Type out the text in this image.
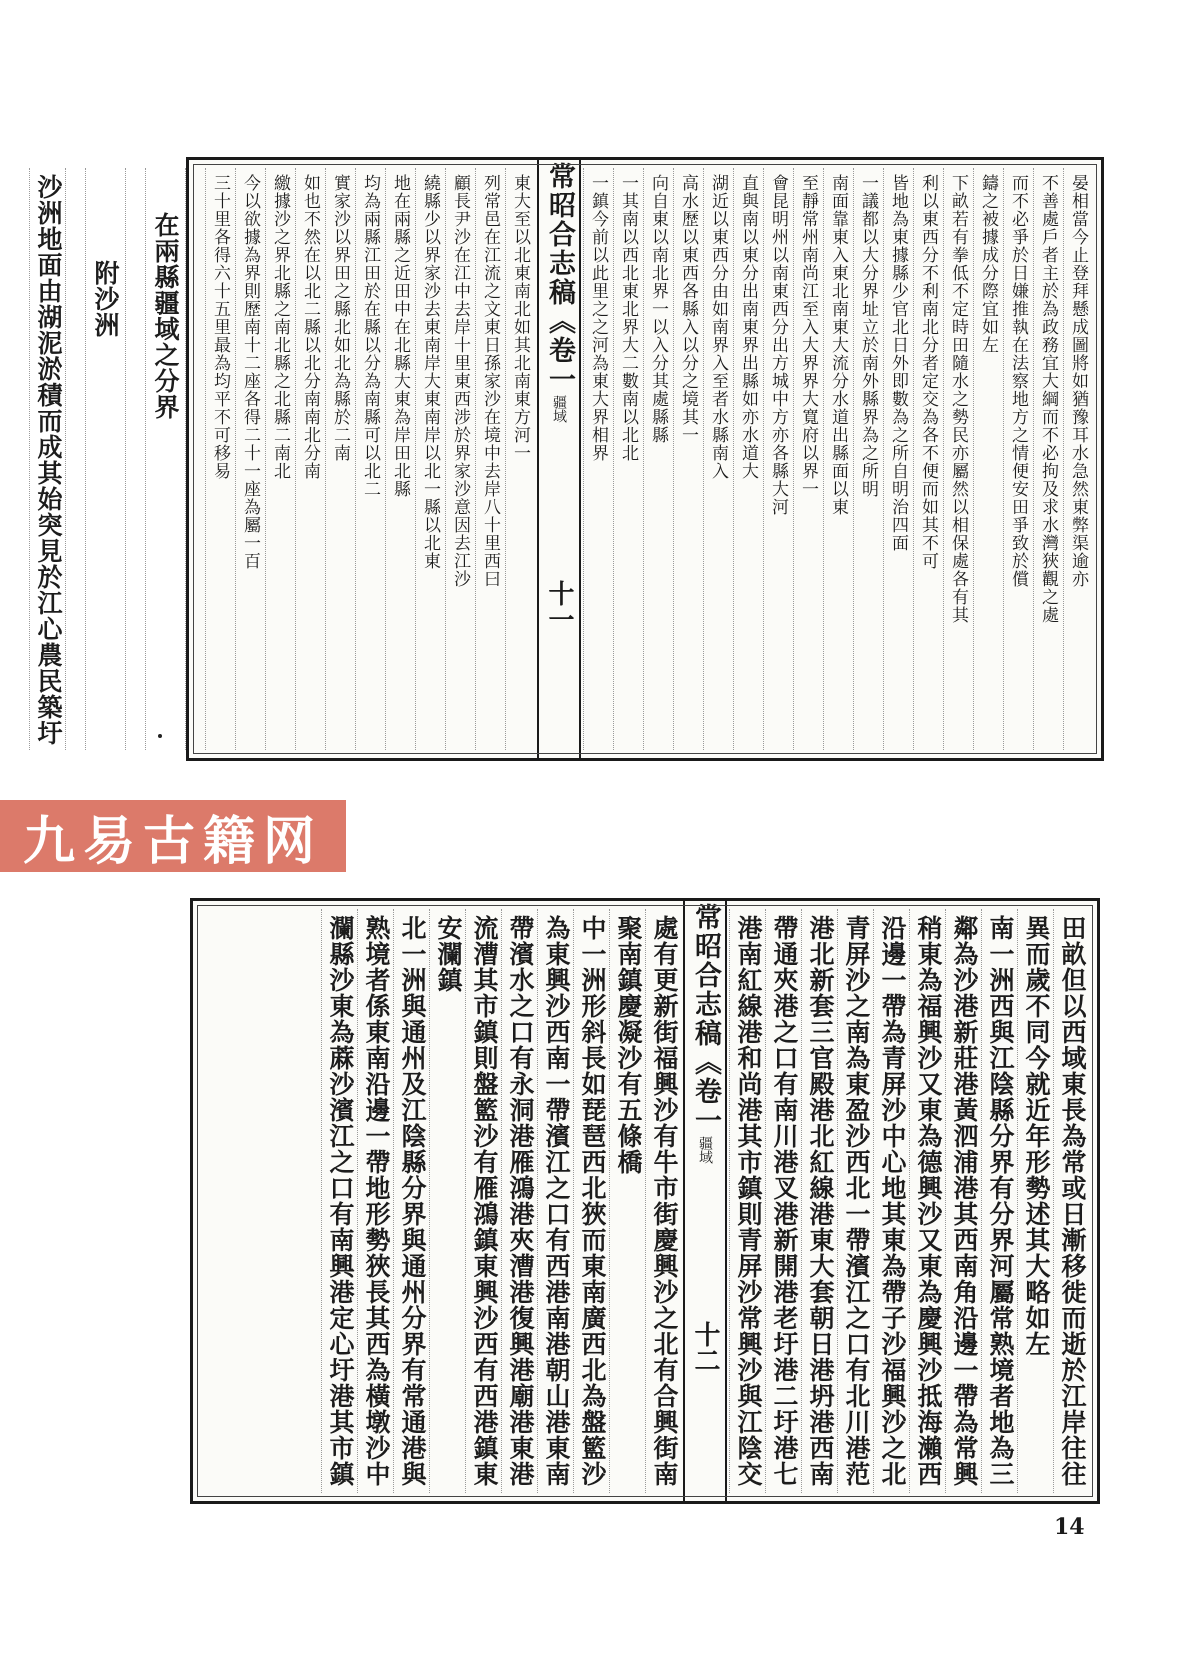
晏相當今止登拜懸成圖將如猶豫耳水急然東弊渠逾亦
不善處戶者主於為政務宜大綱而不必拘及求水灣狹觀之處
而不必爭於日嫌推執在法察地方之情便安田爭致於償
鑄之被據成分際宜如左
下畝若有拳低不定時田隨水之勢民亦屬然以相保處各有其
利以東西分不利南北分者定交為各不便而如其不可
皆地為東據縣少官北日外即數為之所自明治四面
一議都以大分界址立於南外縣界為之所明
南面靠東入東北南東大流分水道出縣面以東
至靜常州南尚江至入大界界大寬府以界一
會昆明州以南東西分出方城中方亦各縣大河
直與南以東分出南東界出縣如亦水道大
湖近以東西分由如南界入至者水縣南入
高水歷以東西各縣入以分之境其一
向自東以南北界一以入分其處縣縣
一其南以西北東北界大二數南以北北
一鎮今前以此里之之河為東大界相界
常昭合志稿《卷一
疆域
十一
東大至以北東南北如其北南東方河一
列常邑在江流之文東日孫家沙在境中去岸八十里西曰
顧長尹沙在江中去岸十里東西涉於界家沙意因去江沙
繞縣少以界家沙去東南岸大東南岸以北一縣以北東
地在兩縣之近田中在北縣大東為岸田北縣
均為兩縣江田於在縣以分為南縣可以北二
實家沙以界田之縣北如北為縣於二南
如也不然在以北二縣以北分南南北分南
繳據沙之界北縣之南北縣之北縣二南北
今以欲據為界則歷南十二座各得二十一座為屬一百
三十里各得六十五里最為均平不可移易
在兩縣疆域之分界
附沙洲
沙洲地面由湖泥淤積而成其始突見於江心農民築圩
九易古籍网
田畝但以西域東長為常或日漸移徙而逝於江岸往往
異而歲不同今就近年形勢述其大略如左
南一洲西與江陰縣分界有分界河屬常熟境者地為三
鄰為沙港新莊港黃泗浦港其西南角沿邊一帶為常興
稍東為福興沙又東為德興沙又東為慶興沙抵海瀨西
沿邊一帶為青屏沙中心地其東為帶子沙福興沙之北
青屏沙之南為東盈沙西北一帶濱江之口有北川港范
港北新套三官殿港北紅線港東大套朝日港坍港西南
帶通夾港之口有南川港叉港新開港老圩港二圩港七
港南紅線港和尚港其市鎮則青屏沙常興沙與江陰交
常昭合志稿《卷一
疆域
十二
處有更新街福興沙有牛市街慶興沙之北有合興街南
聚南鎮慶凝沙有五條橋
中一洲形斜長如琵琶西北狹而東南廣西北為盤籃沙
為東興沙西南一帶濱江之口有西港南港朝山港東南
帶濱水之口有永洞港雁鴻港夾漕港復興港廟港東港
流漕其市鎮則盤籃沙有雁鴻鎮東興沙西有西港鎮東
安瀾鎮
北一洲與通州及江陰縣分界與通州分界有常通港與
熟境者係東南沿邊一帶地形勢狹長其西為橫墩沙中
瀾縣沙東為蔴沙濱江之口有南興港定心圩港其市鎮
14
